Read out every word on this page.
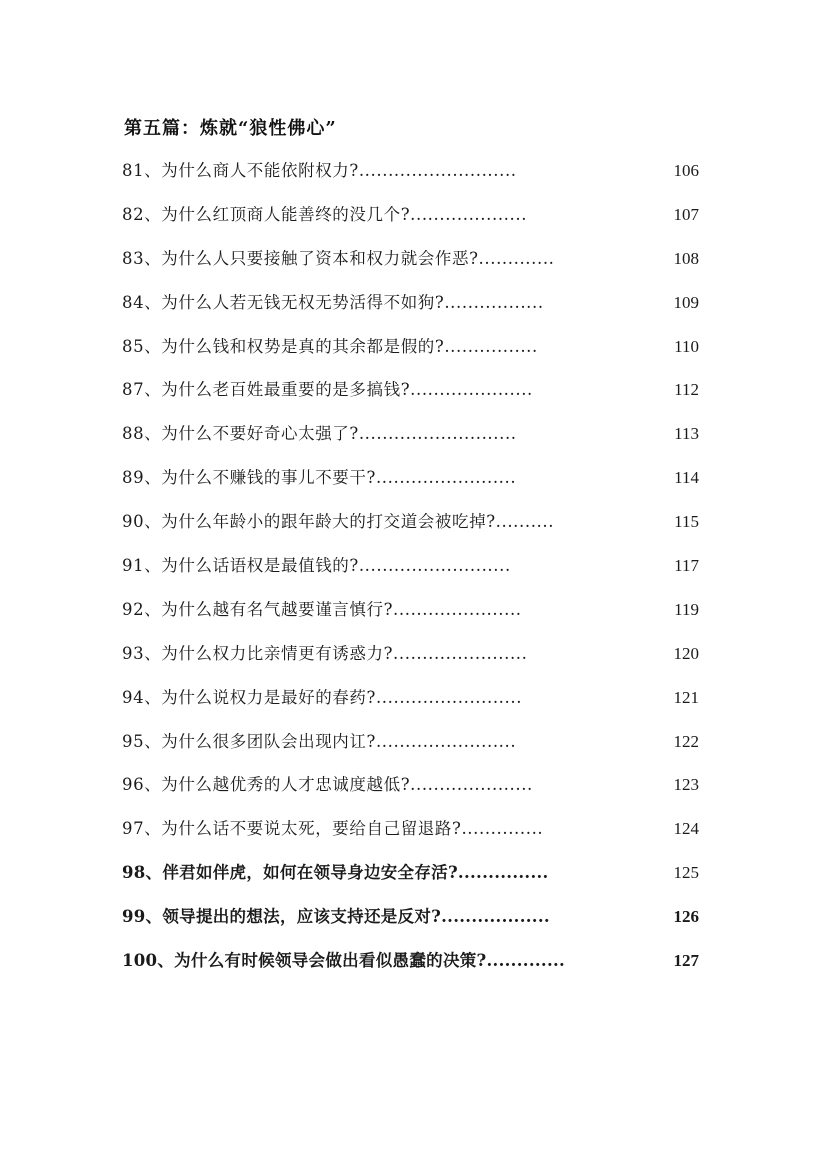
第五篇：炼就“狼性佛心”
81、为什么商人不能依附权力?...........................	106
82、为什么红顶商人能善终的没几个?....................	107
83、为什么人只要接触了资本和权力就会作恶?.............	108
84、为什么人若无钱无权无势活得不如狗?.................	109
85、为什么钱和权势是真的其余都是假的?................	110
87、为什么老百姓最重要的是多搞钱?.....................	112
88、为什么不要好奇心太强了?...........................	113
89、为什么不赚钱的事儿不要干?........................	114
90、为什么年龄小的跟年龄大的打交道会被吃掉?..........	115
91、为什么话语权是最值钱的?..........................	117
92、为什么越有名气越要谨言慎行?......................	119
93、为什么权力比亲情更有诱惑力?.......................	120
94、为什么说权力是最好的春药?.........................	121
95、为什么很多团队会出现内讧?........................	122
96、为什么越优秀的人才忠诚度越低?.....................	123
97、为什么话不要说太死，要给自己留退路?..............	124
98、伴君如伴虎，如何在领导身边安全存活?...............	125
99、领导提出的想法，应该支持还是反对?..................	126
100、为什么有时候领导会做出看似愚蠢的决策?.............	127
